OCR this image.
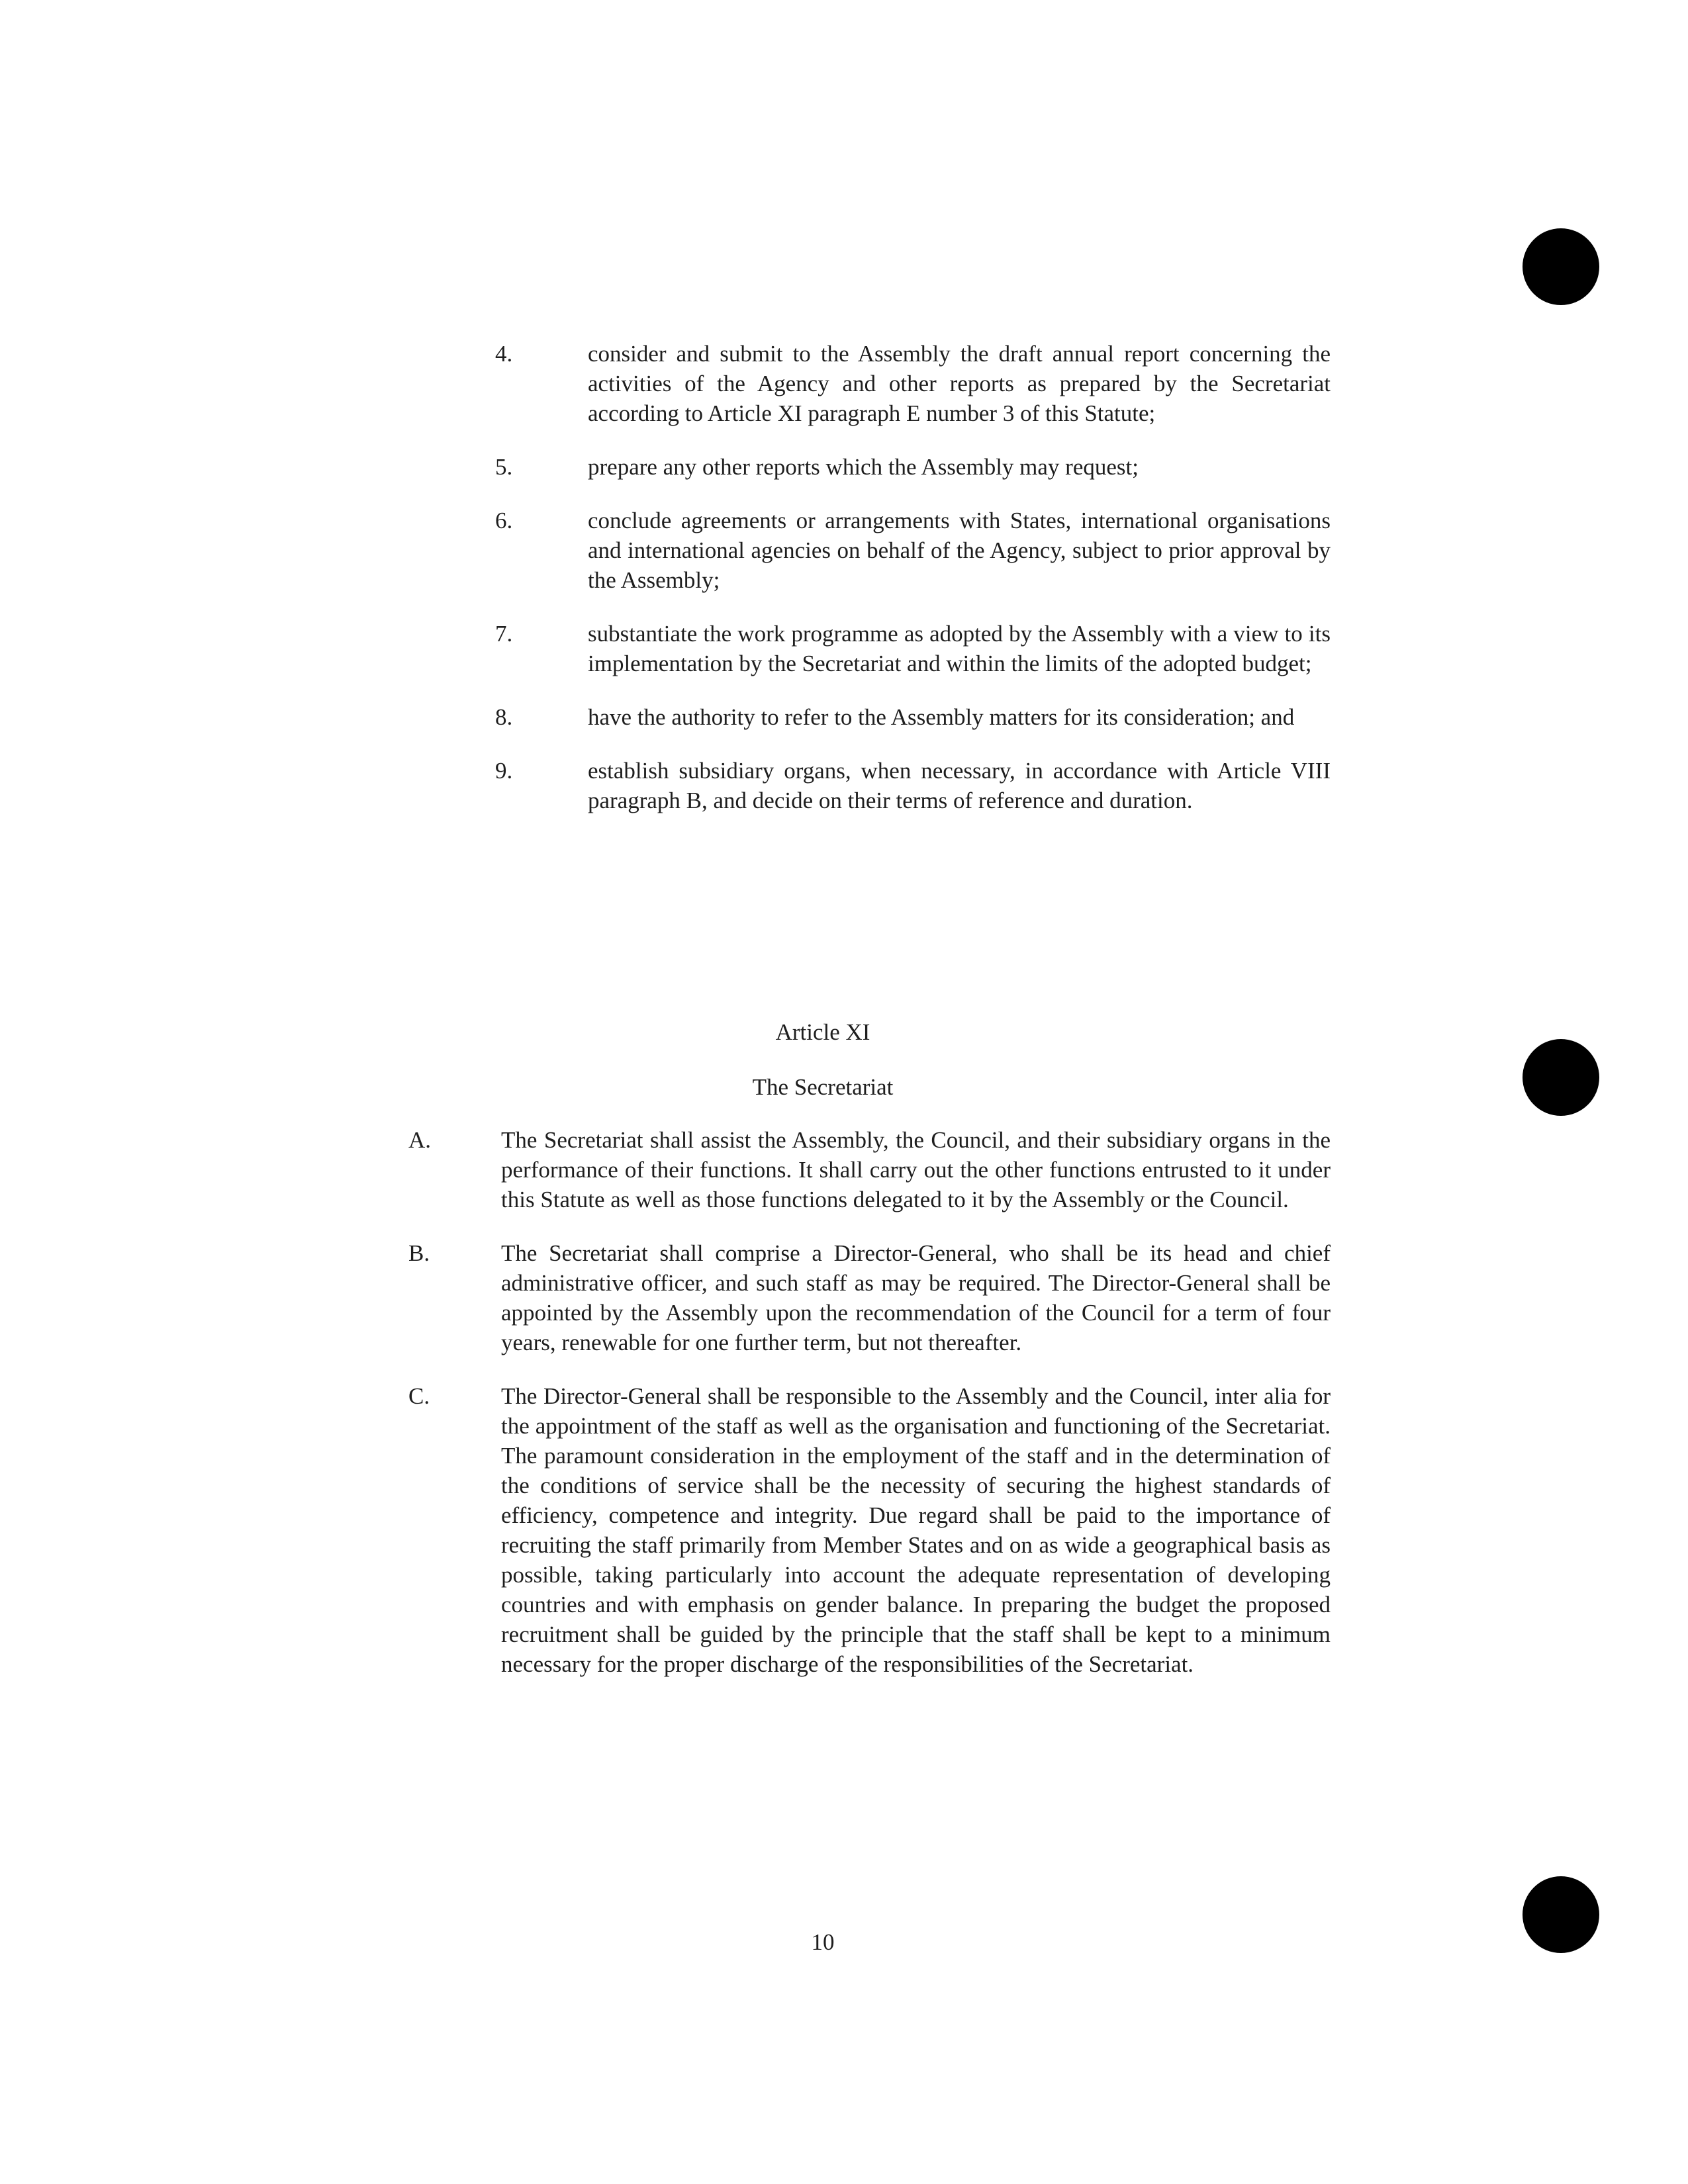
4.	consider and submit to the Assembly the draft annual report concerning the activities of the Agency and other reports as prepared by the Secretariat according to Article XI paragraph E number 3 of this Statute;
5.	prepare any other reports which the Assembly may request;
6.	conclude agreements or arrangements with States, international organisations and international agencies on behalf of the Agency, subject to prior approval by the Assembly;
7.	substantiate the work programme as adopted by the Assembly with a view to its implementation by the Secretariat and within the limits of the adopted budget;
8.	have the authority to refer to the Assembly matters for its consideration; and
9.	establish subsidiary organs, when necessary, in accordance with Article VIII paragraph B, and decide on their terms of reference and duration.
Article XI
The Secretariat
A.	The Secretariat shall assist the Assembly, the Council, and their subsidiary organs in the performance of their functions. It shall carry out the other functions entrusted to it under this Statute as well as those functions delegated to it by the Assembly or the Council.
B.	The Secretariat shall comprise a Director-General, who shall be its head and chief administrative officer, and such staff as may be required. The Director-General shall be appointed by the Assembly upon the recommendation of the Council for a term of four years, renewable for one further term, but not thereafter.
C.	The Director-General shall be responsible to the Assembly and the Council, inter alia for the appointment of the staff as well as the organisation and functioning of the Secretariat. The paramount consideration in the employment of the staff and in the determination of the conditions of service shall be the necessity of securing the highest standards of efficiency, competence and integrity. Due regard shall be paid to the importance of recruiting the staff primarily from Member States and on as wide a geographical basis as possible, taking particularly into account the adequate representation of developing countries and with emphasis on gender balance. In preparing the budget the proposed recruitment shall be guided by the principle that the staff shall be kept to a minimum necessary for the proper discharge of the responsibilities of the Secretariat.
10
